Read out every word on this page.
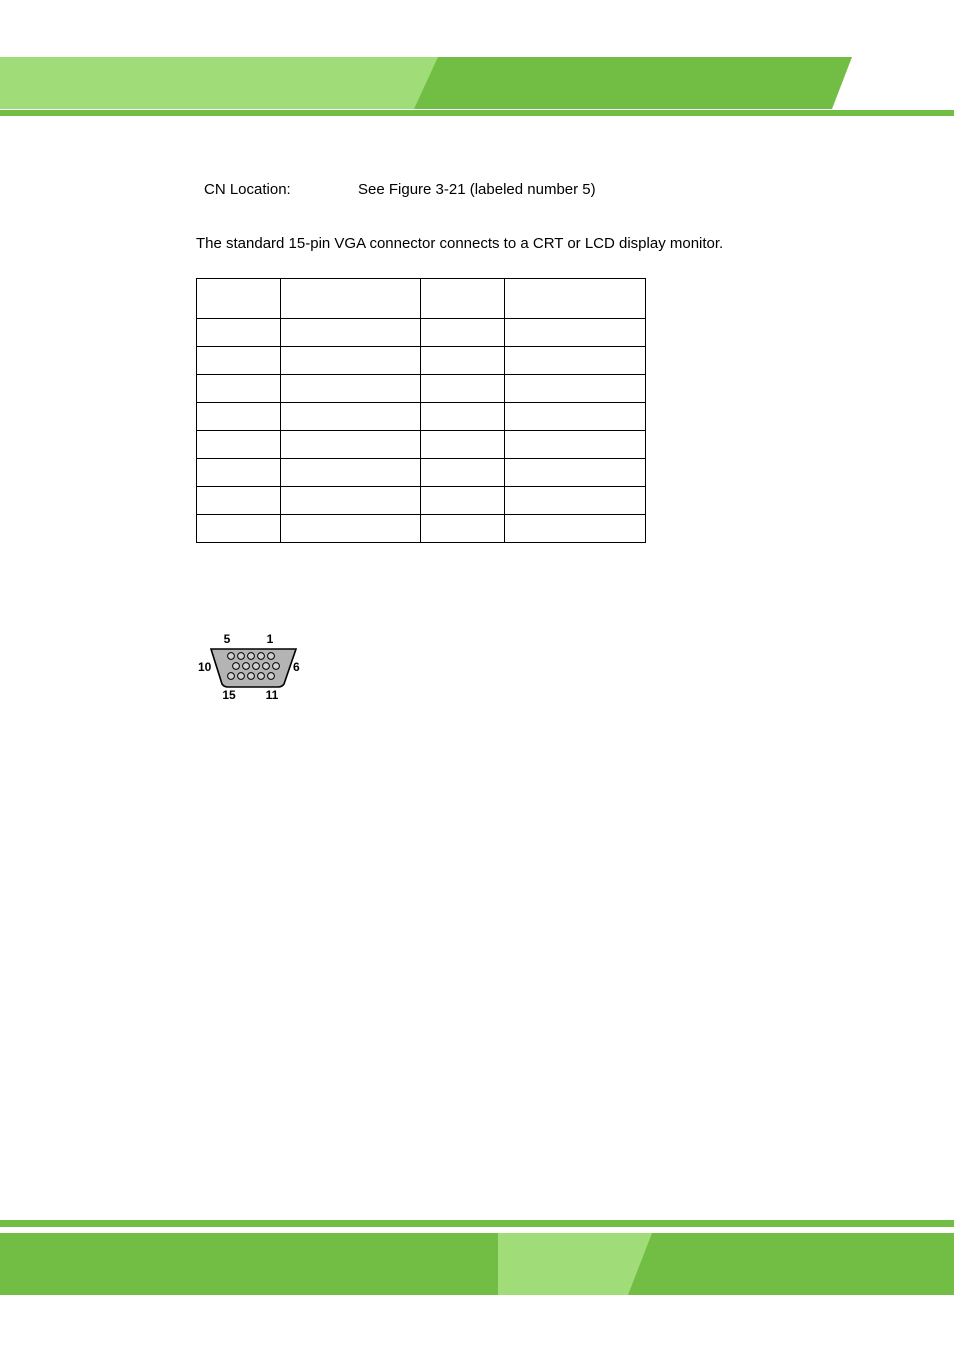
CN Location:	See Figure 3-21 (labeled number 5)
The standard 15-pin VGA connector connects to a CRT or LCD display monitor.

5	1
10	6
15 11
